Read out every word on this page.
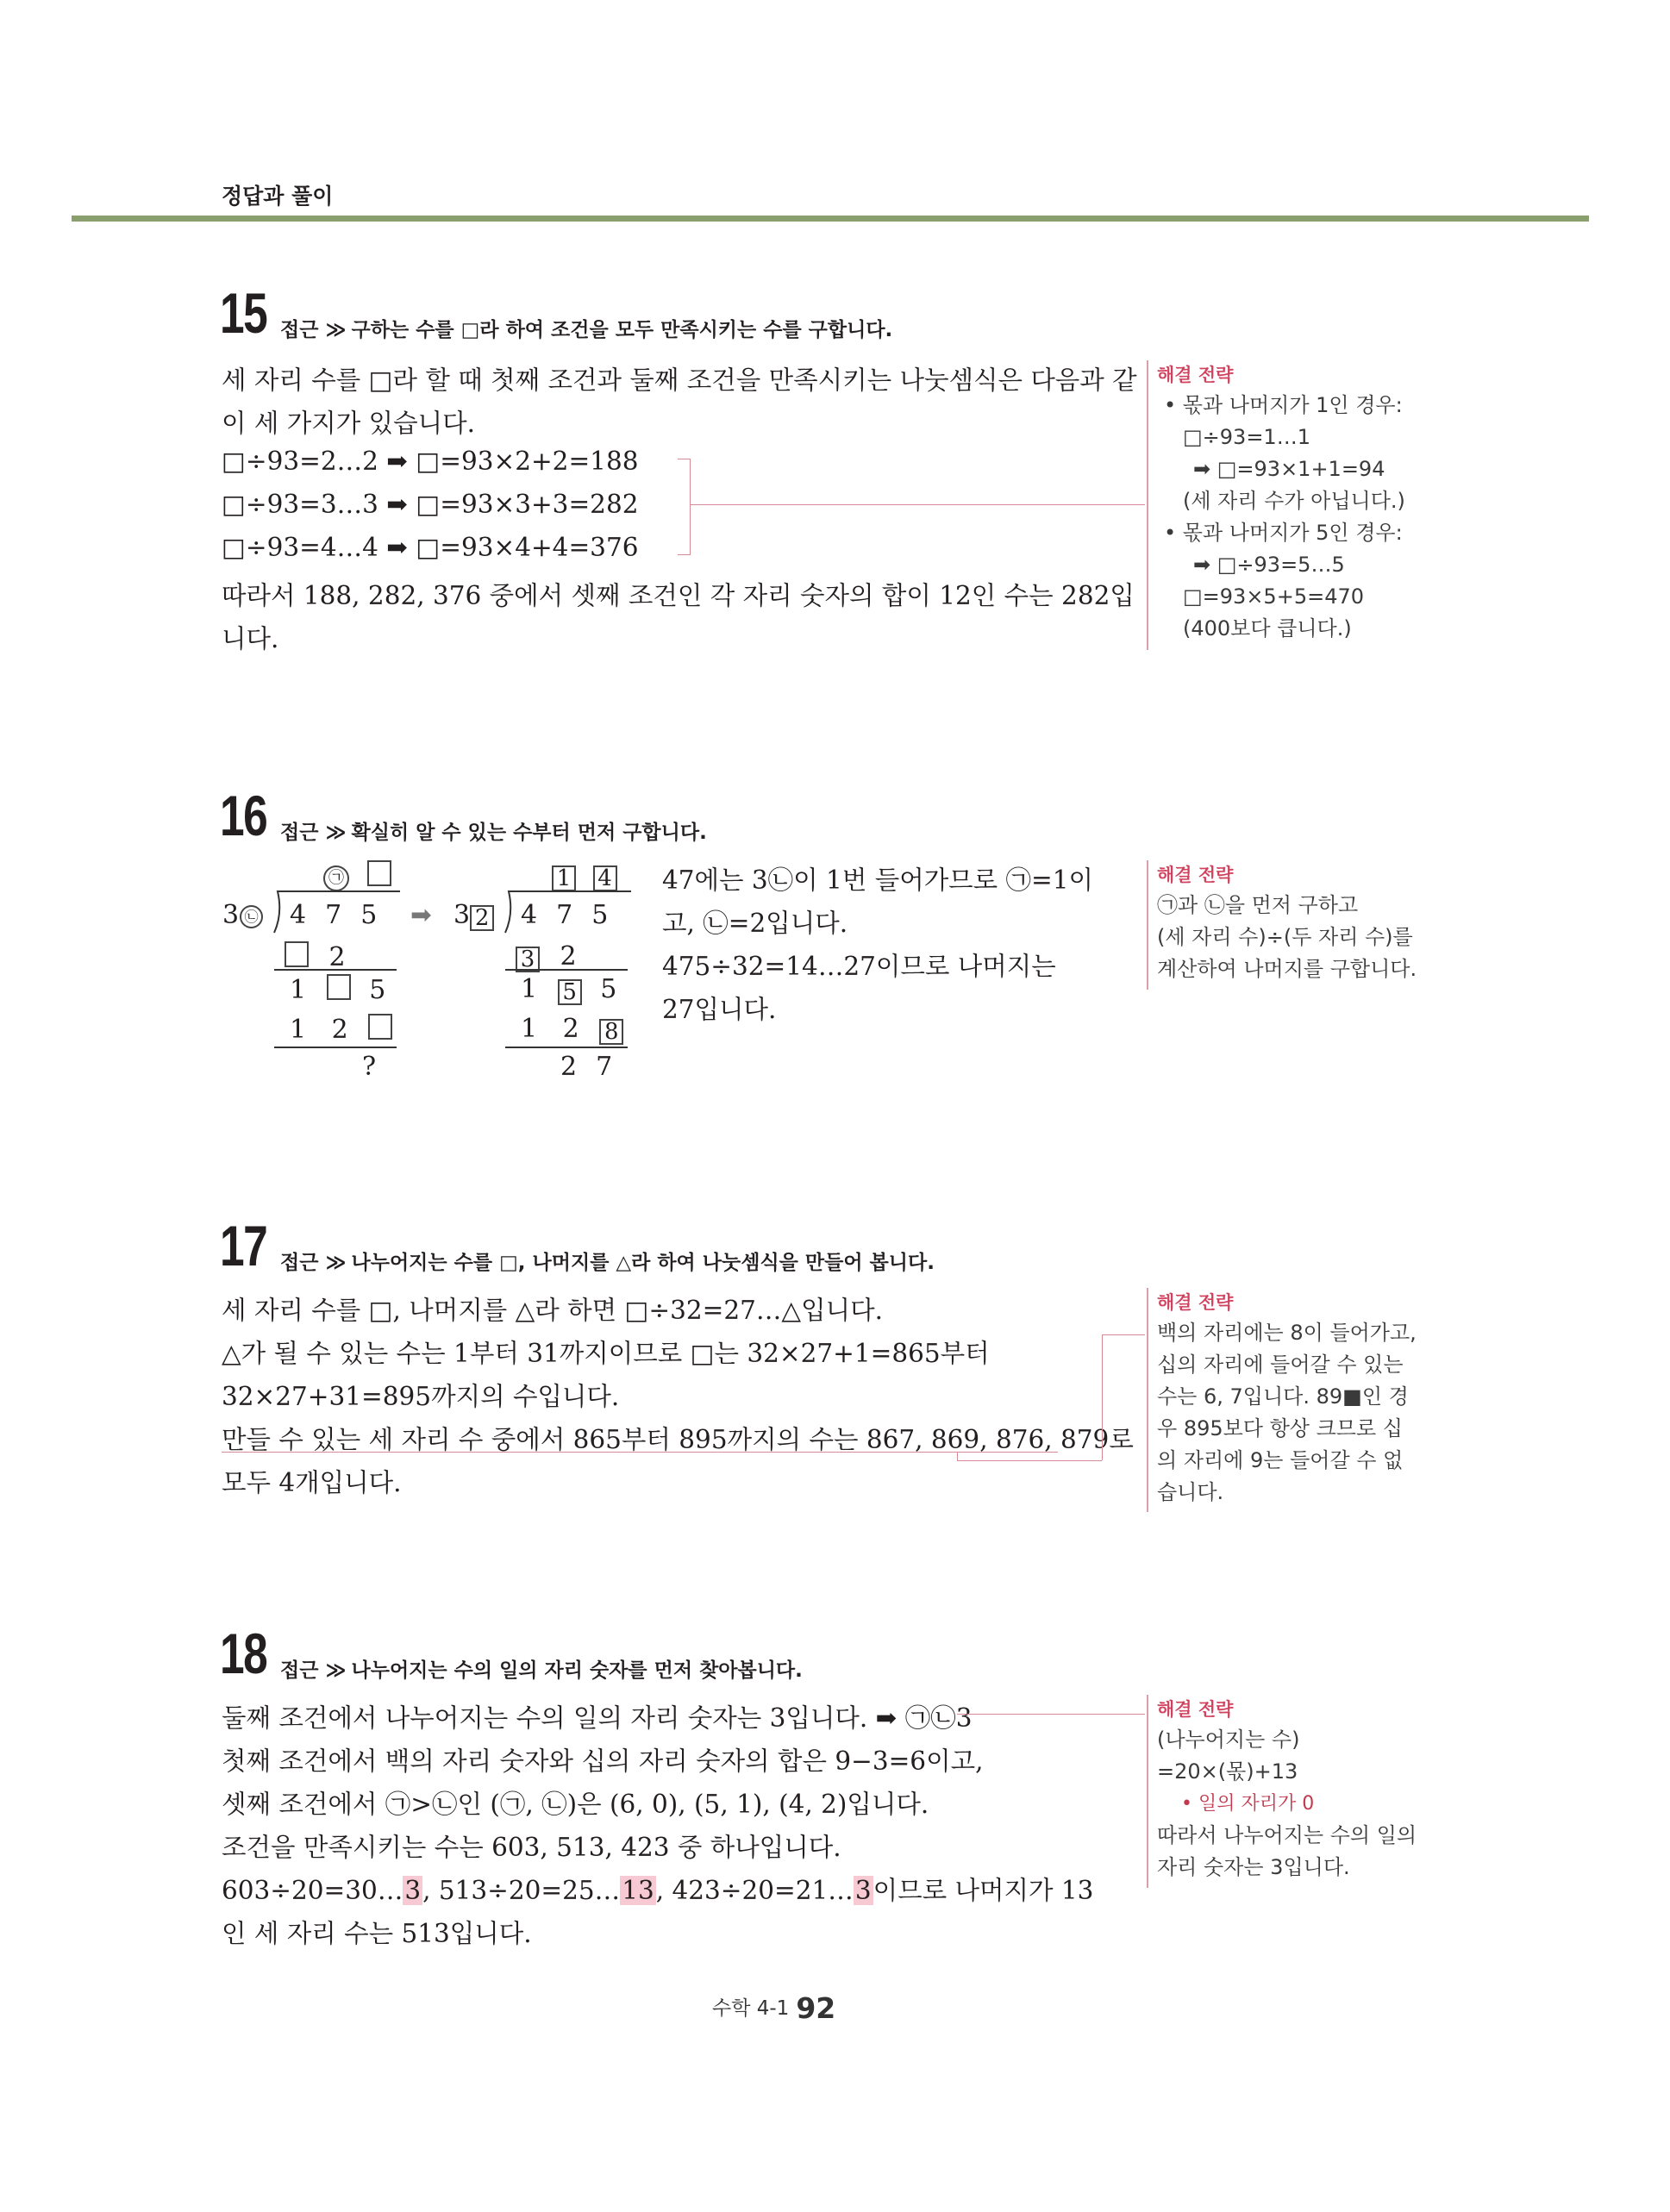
정답과 풀이
15 접근 ≫ 구하는 수를 □라 하여 조건을 모두 만족시키는 수를 구합니다.
세 자리 수를 □라 할 때 첫째 조건과 둘째 조건을 만족시키는 나눗셈식은 다음과 같
이 세 가지가 있습니다.
□÷93=2…2 ➡ □=93×2+2=188
□÷93=3…3 ➡ □=93×3+3=282
□÷93=4…4 ➡ □=93×4+4=376
따라서 188, 282, 376 중에서 셋째 조건인 각 자리 숫자의 합이 12인 수는 282입
니다.
해결 전략
• 몫과 나머지가 1인 경우:
□÷93=1…1
➡ □=93×1+1=94
(세 자리 수가 아닙니다.)
• 몫과 나머지가 5인 경우:
➡ □÷93=5…5
□=93×5+5=470
(400보다 큽니다.)
16 접근 ≫ 확실히 알 수 있는 수부터 먼저 구합니다.
㉠
3 ㉡ 475
2
1 5
1 2
?
➡
1 4
3 2 475
3 2
1 5 5
1 2 8
27
47에는 3㉡이 1번 들어가므로 ㉠=1이
고, ㉡=2입니다.
475÷32=14…27이므로 나머지는
27입니다.
해결 전략
㉠과 ㉡을 먼저 구하고
(세 자리 수)÷(두 자리 수)를
계산하여 나머지를 구합니다.
17 접근 ≫ 나누어지는 수를 □, 나머지를 △라 하여 나눗셈식을 만들어 봅니다.
세 자리 수를 □, 나머지를 △라 하면 □÷32=27…△입니다.
△가 될 수 있는 수는 1부터 31까지이므로 □는 32×27+1=865부터
32×27+31=895까지의 수입니다.
만들 수 있는 세 자리 수 중에서 865부터 895까지의 수는 867, 869, 876, 879로
모두 4개입니다.
해결 전략
백의 자리에는 8이 들어가고,
십의 자리에 들어갈 수 있는
수는 6, 7입니다. 89■인 경
우 895보다 항상 크므로 십
의 자리에 9는 들어갈 수 없
습니다.
18 접근 ≫ 나누어지는 수의 일의 자리 숫자를 먼저 찾아봅니다.
둘째 조건에서 나누어지는 수의 일의 자리 숫자는 3입니다. ➡ ㉠㉡3
첫째 조건에서 백의 자리 숫자와 십의 자리 숫자의 합은 9−3=6이고,
셋째 조건에서 ㉠>㉡인 (㉠, ㉡)은 (6, 0), (5, 1), (4, 2)입니다.
조건을 만족시키는 수는 603, 513, 423 중 하나입니다.
603÷20=30…3, 513÷20=25…13, 423÷20=21…3이므로 나머지가 13
인 세 자리 수는 513입니다.
해결 전략
(나누어지는 수)
=20×(몫)+13
• 일의 자리가 0
따라서 나누어지는 수의 일의
자리 숫자는 3입니다.
수학 4-1 92
